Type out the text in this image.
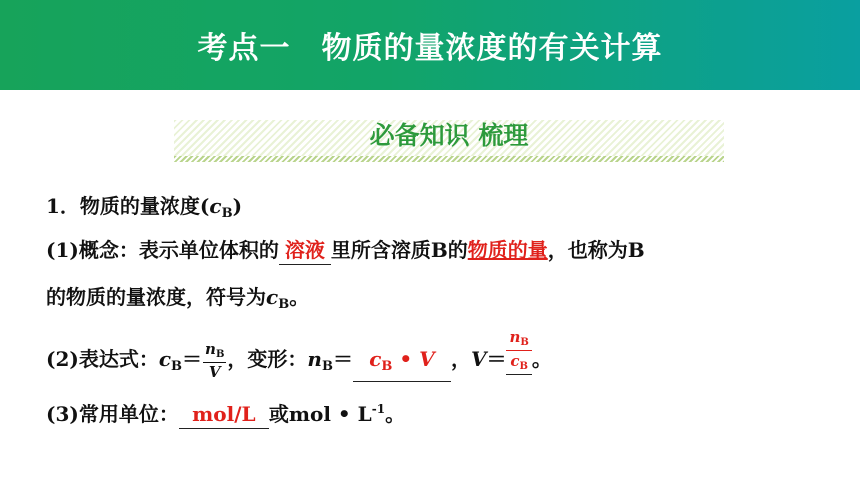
考点一　物质的量浓度的有关计算
必备知识 梳理
1．物质的量浓度$(c_B)$
(1)概念：表示单位体积的 溶液 里所含溶质B的物质的量，也称为B
的物质的量浓度，符号为$c_B$。
(2)表达式：$c_B= \frac{n_B}{V}$ ，变形：$n_B= c_B$ • V ，$V= \frac{n_B}{c_B}$ 。
(3)常用单位： mol/L 或mol • $L^{-1}$。
